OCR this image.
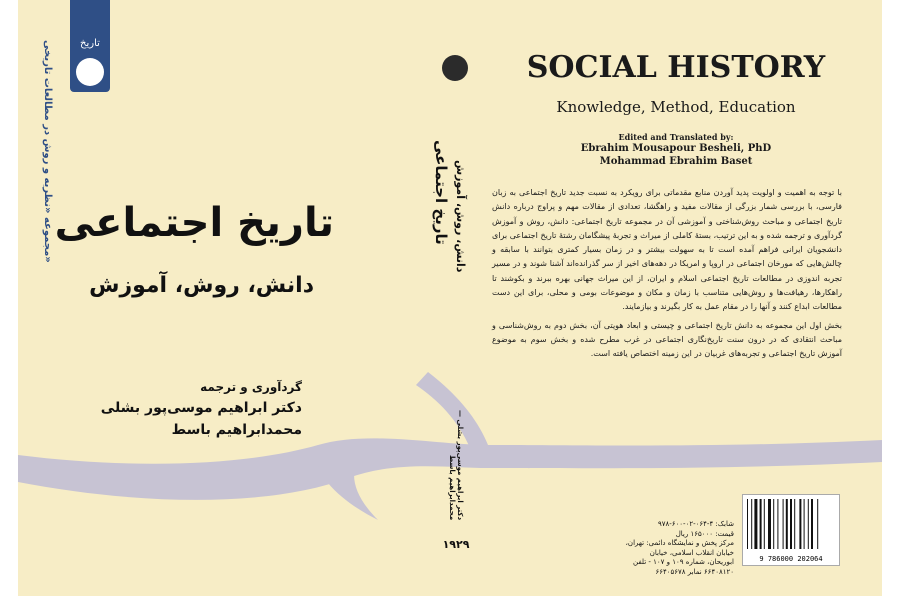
مجموعه «نظریه و روش در مطالعات تاریخی»
تاریخ
تاریخ اجتماعی
دانش، روش، آموزش
گردآوری و ترجمه
دکتر ابراهیم موسی‌پور بشلی
محمدابراهیم باسط
تاریخ اجتماعی دانش، روش، آموزش
دکتر ابراهیم موسی‌پور بشلی — محمدابراهیم باسط
۱۹۲۹
SOCIAL HISTORY
Knowledge, Method, Education
Edited and Translated by:
Ebrahim Mousapour Besheli, PhD
Mohammad Ebrahim Baset

با توجه به اهمیت و اولویت پدید آوردن منابع مقدماتی برای رویکرد به نسبت جدید تاریخ اجتماعی به زبان فارسی، با بررسی شمار بزرگی از مقالات مفید و راهگشا، تعدادی از مقالات مهم و پراوج درباره دانش تاریخ اجتماعی و مباحث روش‌شناختی و آموزشی آن در مجموعه تاریخ اجتماعی: دانش، روش و آموزش گردآوری و ترجمه شده و به این ترتیب، بستهٔ کاملی از میراث و تجربهٔ پیشگامان رشتهٔ تاریخ اجتماعی برای دانشجویان ایرانی فراهم آمده است تا به سهولت بیشتر و در زمان بسیار کمتری بتوانند با سابقه و چالش‌هایی که مورخان اجتماعی در اروپا و امریکا در دهه‌های اخیر از سر گذرانده‌اند آشنا شوند و در مسیر تجربه اندوزی در مطالعات تاریخ اجتماعی اسلام و ایران، از این میراث جهانی بهره ببرند و بکوشند تا راهکارها، رهیافت‌ها و روش‌هایی متناسب با زمان و مکان و موضوعات بومی و محلی، برای این دست مطالعات ابداع کنند و آنها را در مقام عمل به کار بگیرند و بیازمایند.

بخش اول این مجموعه به دانش تاریخ اجتماعی و چیستی و ابعاد هویتی آن، بخش دوم به روش‌شناسی و مباحث انتقادی که در درون سنت تاریخ‌نگاری اجتماعی در غرب مطرح شده و بخش سوم به موضوع آموزش تاریخ اجتماعی و تجربه‌های غربیان در این زمینه اختصاص یافته است.

شابک: ۴-۰۶۴-۰۲-۶۰۰-۹۷۸
قیمت: ۱۶۵۰۰۰ ریال
مرکز پخش و نمایشگاه دائمی: تهران، خیابان انقلاب اسلامی، خیابان ابوریحان، شماره ۱۰۹ و ۱۰۷ - تلفن ۶۶۴۰۸۱۲۰ نمابر ۶۶۴۰۵۶۷۸
9 786000 202064
